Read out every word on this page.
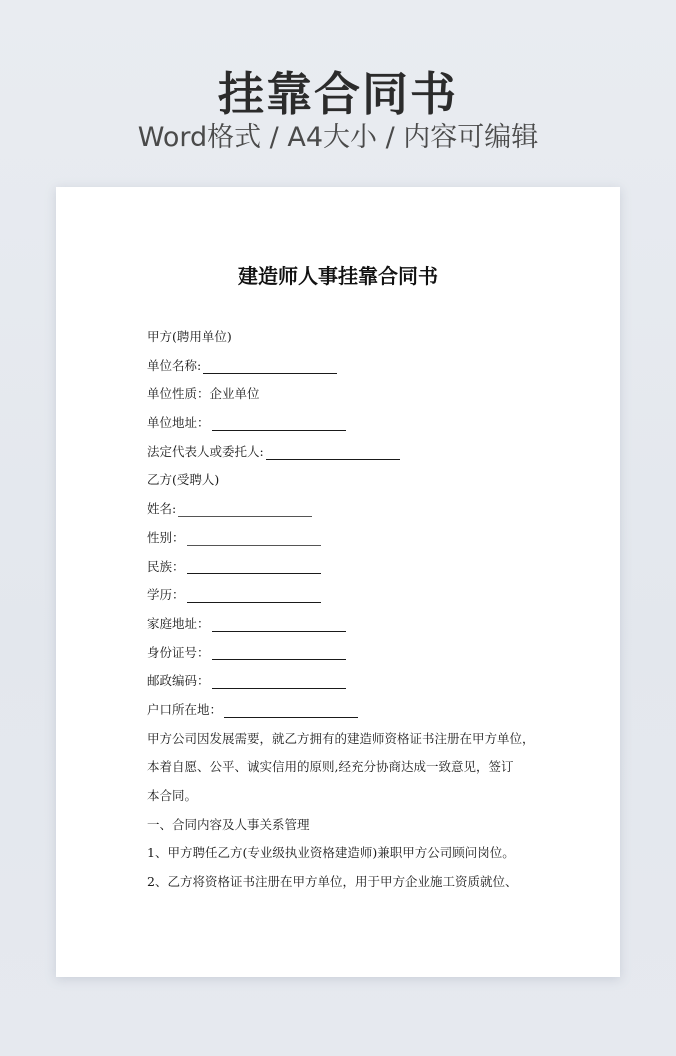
挂靠合同书
Word格式 / A4大小 / 内容可编辑
建造师人事挂靠合同书
甲方(聘用单位)
单位名称:
单位性质：企业单位
单位地址：
法定代表人或委托人:
乙方(受聘人)
姓名:
性别：
民族：
学历：
家庭地址：
身份证号：
邮政编码：
户口所在地：
甲方公司因发展需要，就乙方拥有的建造师资格证书注册在甲方单位，
本着自愿、公平、诚实信用的原则,经充分协商达成一致意见，签订
本合同。
一、合同内容及人事关系管理
1、甲方聘任乙方(专业级执业资格建造师)兼职甲方公司顾问岗位。
2、乙方将资格证书注册在甲方单位，用于甲方企业施工资质就位、
